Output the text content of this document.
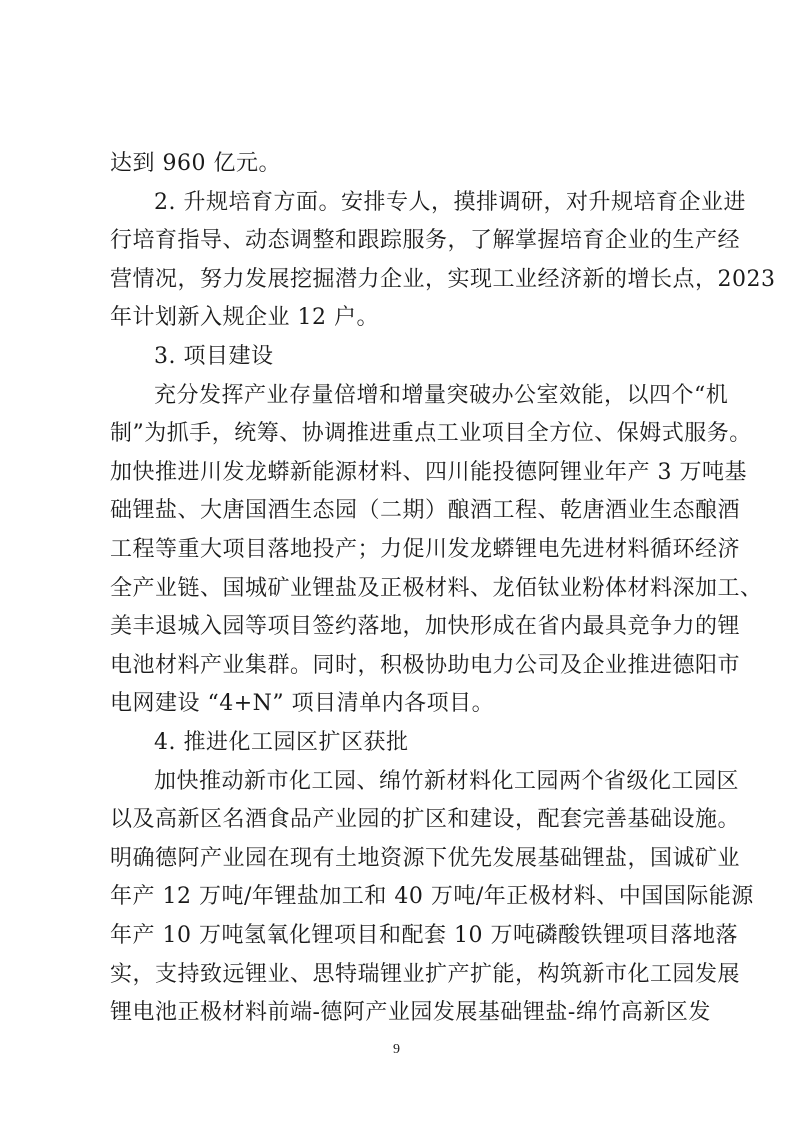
达到 960 亿元。
2. 升规培育方面。安排专人，摸排调研，对升规培育企业进
行培育指导、动态调整和跟踪服务，了解掌握培育企业的生产经
营情况，努力发展挖掘潜力企业，实现工业经济新的增长点，2023
年计划新入规企业 12 户。
3. 项目建设
充分发挥产业存量倍增和增量突破办公室效能，以四个“机
制”为抓手，统筹、协调推进重点工业项目全方位、保姆式服务。
加快推进川发龙蟒新能源材料、四川能投德阿锂业年产 3 万吨基
础锂盐、大唐国酒生态园（二期）酿酒工程、乾唐酒业生态酿酒
工程等重大项目落地投产；力促川发龙蟒锂电先进材料循环经济
全产业链、国城矿业锂盐及正极材料、龙佰钛业粉体材料深加工、
美丰退城入园等项目签约落地，加快形成在省内最具竞争力的锂
电池材料产业集群。同时，积极协助电力公司及企业推进德阳市
电网建设 “4+N” 项目清单内各项目。
4. 推进化工园区扩区获批
加快推动新市化工园、绵竹新材料化工园两个省级化工园区
以及高新区名酒食品产业园的扩区和建设，配套完善基础设施。
明确德阿产业园在现有土地资源下优先发展基础锂盐，国诚矿业
年产 12 万吨/年锂盐加工和 40 万吨/年正极材料、中国国际能源
年产 10 万吨氢氧化锂项目和配套 10 万吨磷酸铁锂项目落地落
实，支持致远锂业、思特瑞锂业扩产扩能，构筑新市化工园发展
锂电池正极材料前端-德阿产业园发展基础锂盐-绵竹高新区发
9
